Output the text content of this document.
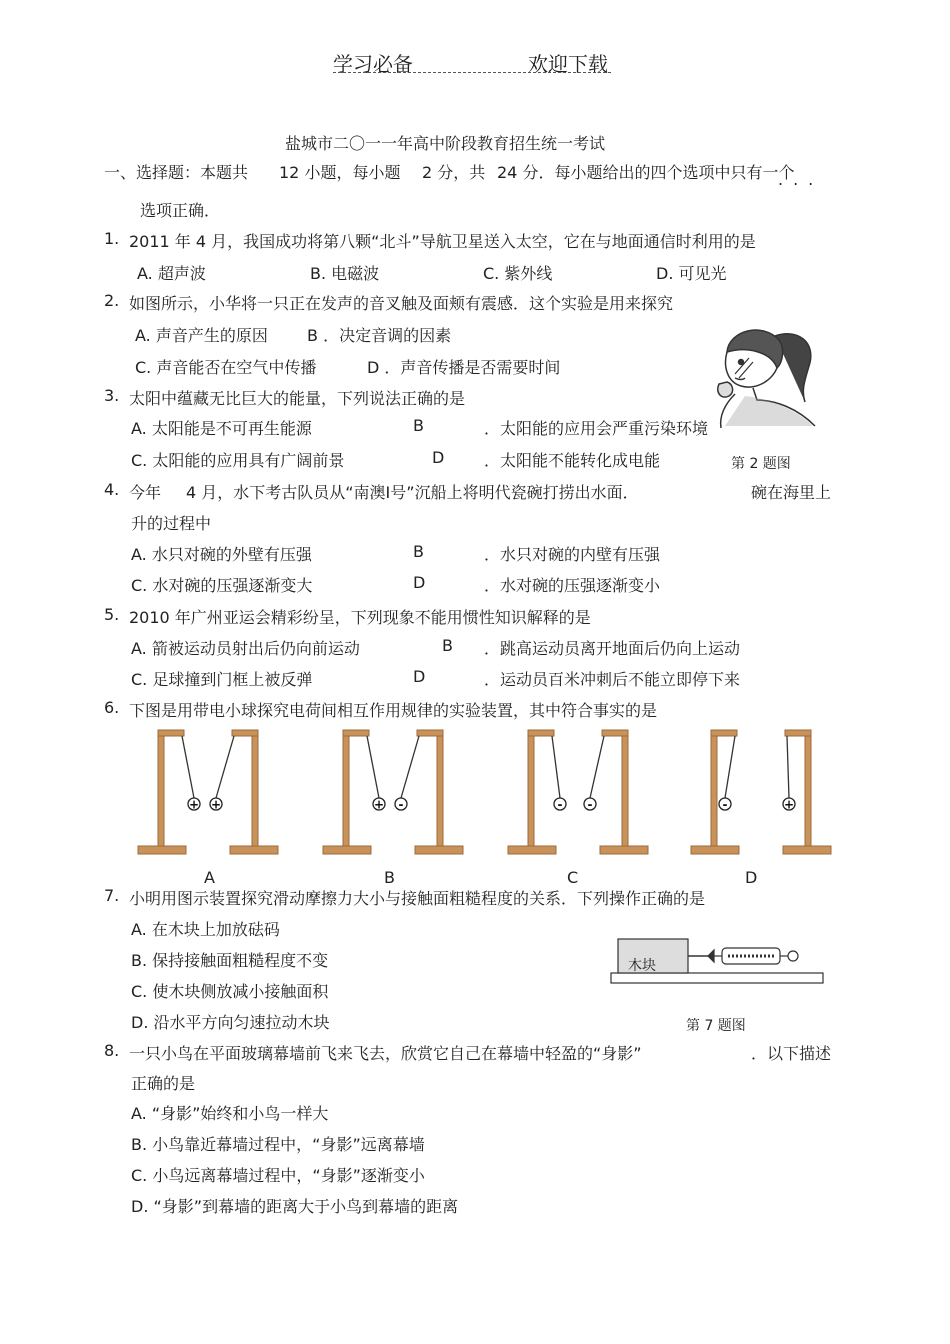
学习必备	欢迎下载
盐城市二〇一一年高中阶段教育招生统一考试
一、选择题：本题共 12 小题，每小题 2 分，共 24 分．每小题给出的四个选项中只有一个
...
选项正确．
1. 2011 年 4 月，我国成功将第八颗“北斗”导航卫星送入太空，它在与地面通信时利用的是
A. 超声波	B. 电磁波	C. 紫外线	D. 可见光
2. 如图所示，小华将一只正在发声的音叉触及面颊有震感．这个实验是用来探究
A. 声音产生的原因 B ．决定音调的因素
C. 声音能否在空气中传播	D ．声音传播是否需要时间
第 2 题图
3. 太阳中蕴藏无比巨大的能量，下列说法正确的是
A. 太阳能是不可再生能源	B	．太阳能的应用会严重污染环境
C. 太阳能的应用具有广阔前景	D ．太阳能不能转化成电能
4. 今年 4 月，水下考古队员从“南澳Ⅰ号”沉船上将明代瓷碗打捞出水面．	碗在海里上
升的过程中
A. 水只对碗的外壁有压强	B	．水只对碗的内壁有压强
C. 水对碗的压强逐渐变大	D	．水对碗的压强逐渐变小
5. 2010 年广州亚运会精彩纷呈，下列现象不能用惯性知识解释的是
A. 箭被运动员射出后仍向前运动	B ．跳高运动员离开地面后仍向上运动
C. 足球撞到门框上被反弹	D	．运动员百米冲刺后不能立即停下来
6. 下图是用带电小球探究电荷间相互作用规律的实验装置，其中符合事实的是
+ +
A
+ -
B
- -
C
-	+
D
7. 小明用图示装置探究滑动摩擦力大小与接触面粗糙程度的关系．下列操作正确的是
A. 在木块上加放砝码
B. 保持接触面粗糙程度不变
C. 使木块侧放减小接触面积
D. 沿水平方向匀速拉动木块
木块
第 7 题图
8. 一只小鸟在平面玻璃幕墙前飞来飞去，欣赏它自己在幕墙中轻盈的“身影”	．以下描述
正确的是
A. “身影”始终和小鸟一样大
B. 小鸟靠近幕墙过程中，“身影”远离幕墙
C. 小鸟远离幕墙过程中，“身影”逐渐变小
D. “身影”到幕墙的距离大于小鸟到幕墙的距离
